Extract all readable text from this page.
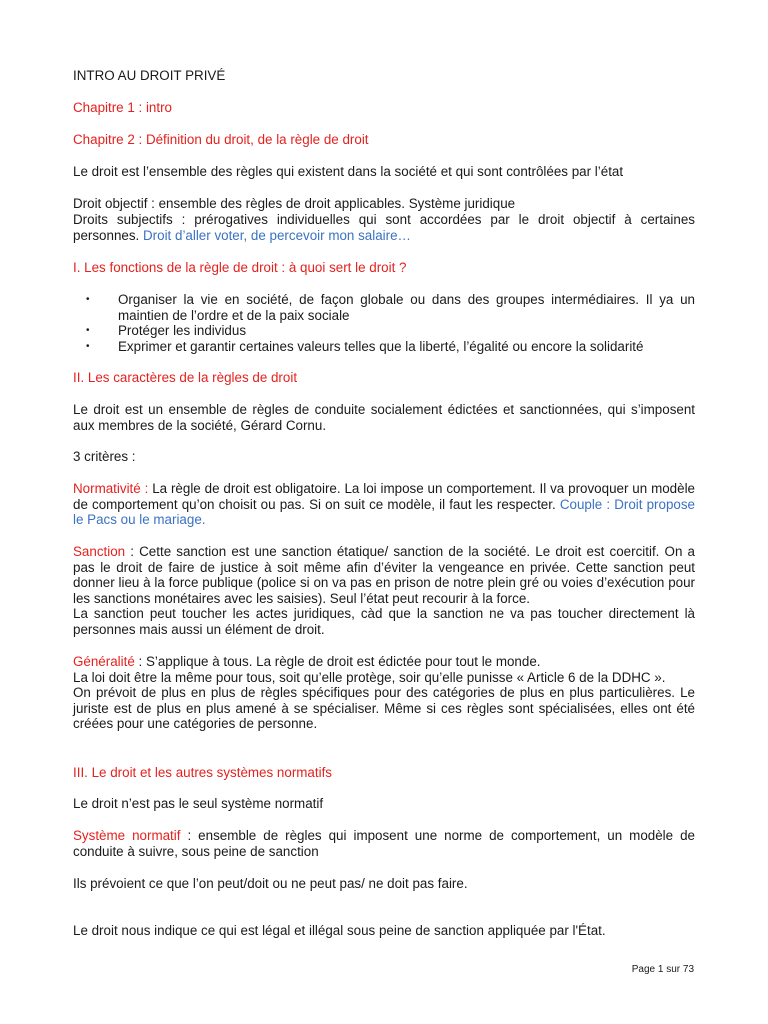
INTRO AU DROIT PRIVÉ

Chapitre 1 : intro

Chapitre 2 : Définition du droit, de la règle de droit

Le droit est l’ensemble des règles qui existent dans la société et qui sont contrôlées par l’état

Droit objectif : ensemble des règles de droit applicables. Système juridique

Droits subjectifs : prérogatives individuelles qui sont accordées par le droit objectif à certaines personnes. Droit d’aller voter, de percevoir mon salaire…

I. Les fonctions de la règle de droit : à quoi sert le droit ?

• Organiser la vie en société, de façon globale ou dans des groupes intermédiaires. Il ya un maintien de l’ordre et de la paix sociale
• Protéger les individus
• Exprimer et garantir certaines valeurs telles que la liberté, l’égalité ou encore la solidarité

II. Les caractères de la règles de droit

Le droit est un ensemble de règles de conduite socialement édictées et sanctionnées, qui s’imposent aux membres de la société, Gérard Cornu.

3 critères :

Normativité : La règle de droit est obligatoire. La loi impose un comportement. Il va provoquer un modèle de comportement qu’on choisit ou pas. Si on suit ce modèle, il faut les respecter. Couple : Droit propose le Pacs ou le mariage.

Sanction : Cette sanction est une sanction étatique/ sanction de la société. Le droit est coercitif. On a pas le droit de faire de justice à soit même afin d’éviter la vengeance en privée. Cette sanction peut donner lieu à la force publique (police si on va pas en prison de notre plein gré ou voies d’exécution pour les sanctions monétaires avec les saisies). Seul l’état peut recourir à la force.

La sanction peut toucher les actes juridiques, càd que la sanction ne va pas toucher directement là personnes mais aussi un élément de droit.

Généralité : S’applique à tous. La règle de droit est édictée pour tout le monde.

La loi doit être la même pour tous, soit qu’elle protège, soir qu’elle punisse « Article 6 de la DDHC ».

On prévoit de plus en plus de règles spécifiques pour des catégories de plus en plus particulières. Le juriste est de plus en plus amené à se spécialiser. Même si ces règles sont spécialisées, elles ont été créées pour une catégories de personne.

III. Le droit et les autres systèmes normatifs

Le droit n’est pas le seul système normatif

Système normatif : ensemble de règles qui imposent une norme de comportement, un modèle de conduite à suivre, sous peine de sanction

Ils prévoient ce que l’on peut/doit ou ne peut pas/ ne doit pas faire.

Le droit nous indique ce qui est légal et illégal sous peine de sanction appliquée par l'État.

Page 1 sur 73
